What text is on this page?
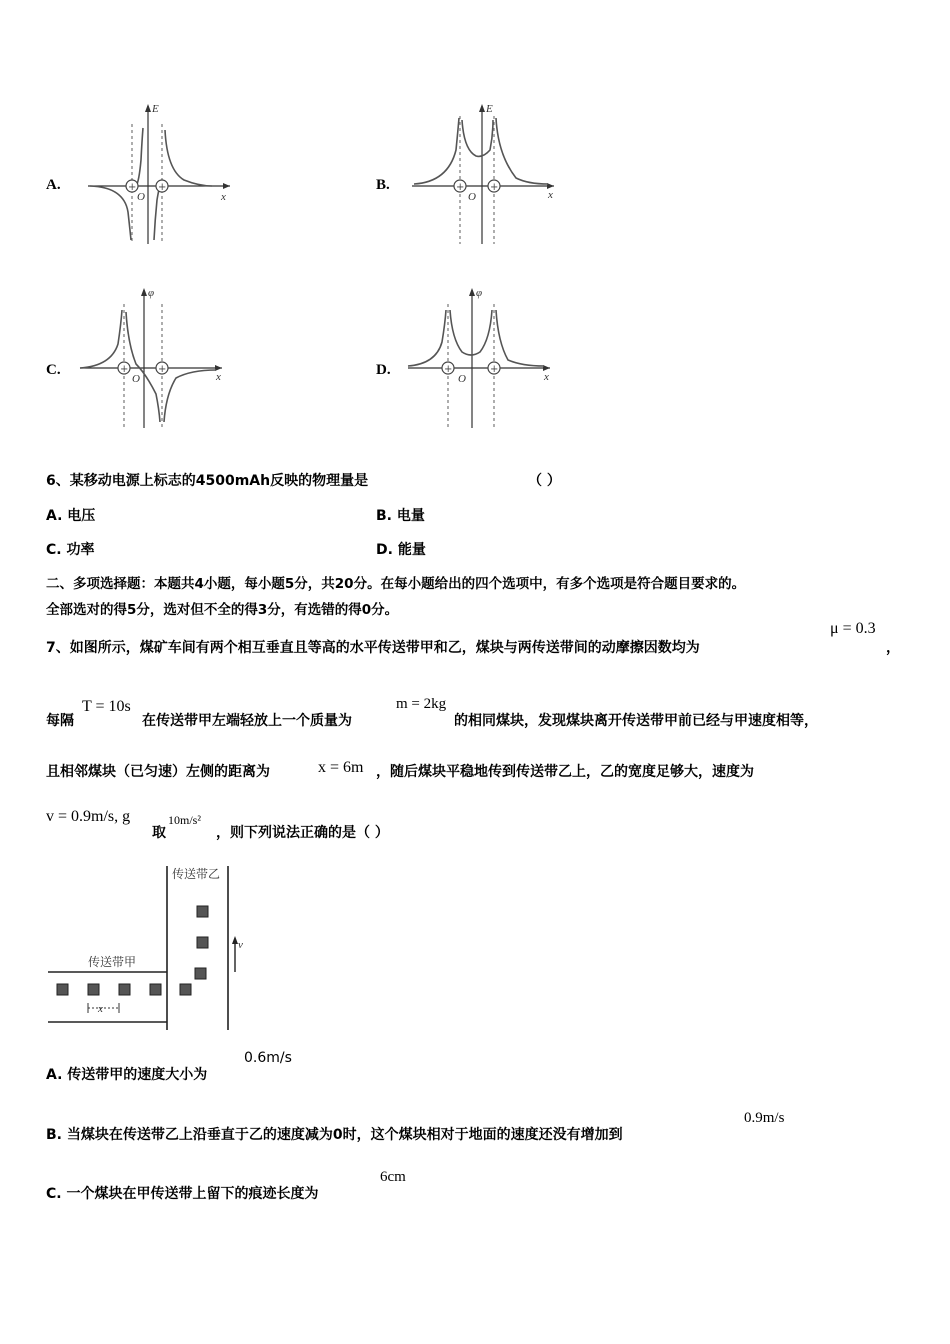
A.	+ +
E
x
O
B.	+	+
E
x
O
C.	+	+
φ
x
O
D.	+	+
φ
x
O
6、某移动电源上标志的4500mAh反映的物理量是	（ ）
A. 电压	B. 电量
C. 功率	D. 能量
二、多项选择题：本题共4小题，每小题5分，共20分。在每小题给出的四个选项中，有多个选项是符合题目要求的。
全部选对的得5分，选对但不全的得3分，有选错的得0分。
7、如图所示，煤矿车间有两个相互垂直且等高的水平传送带甲和乙，煤块与两传送带间的动摩擦因数均为
μ = 0.3
，
每隔
T = 10s
在传送带甲左端轻放上一个质量为
m = 2kg
的相同煤块，发现煤块离开传送带甲前已经与甲速度相等，
且相邻煤块（已匀速）左侧的距离为	x = 6m ，随后煤块平稳地传到传送带乙上，乙的宽度足够大，速度为
v = 0.9m/s, g
取
10m/s²
，则下列说法正确的是（ ）
x
v
传送带乙
传送带甲
A. 传送带甲的速度大小为
0.6m/s
B. 当煤块在传送带乙上沿垂直于乙的速度减为0时，这个煤块相对于地面的速度还没有增加到
0.9m/s
C. 一个煤块在甲传送带上留下的痕迹长度为
6cm
